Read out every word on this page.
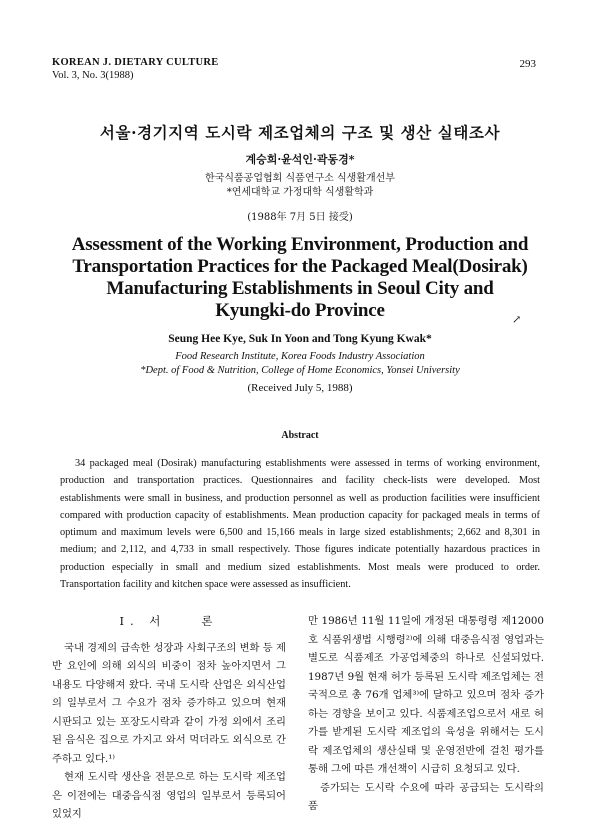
KOREAN J. DIETARY CULTURE
Vol. 3, No. 3(1988)
293
서울·경기지역 도시락 제조업체의 구조 및 생산 실태조사
계승희·윤석인·곽동경*
한국식품공업협회 식품연구소 식생활개선부
*연세대학교 가정대학 식생활학과
(1988年 7月 5日 接受)
Assessment of the Working Environment, Production and
Transportation Practices for the Packaged Meal(Dosirak)
Manufacturing Establishments in Seoul City and
Kyungki-do Province	↗
Seung Hee Kye, Suk In Yoon and Tong Kyung Kwak*
Food Research Institute, Korea Foods Industry Association
*Dept. of Food & Nutrition, College of Home Economics, Yonsei University
(Received July 5, 1988)
Abstract

34 packaged meal (Dosirak) manufacturing establishments were assessed in terms of working environment, production and transportation practices. Questionnaires and facility check-lists were developed. Most establishments were small in business, and production personnel as well as production facilities were insufficient compared with production capacity of establishments. Mean production capacity for packaged meals in terms of optimum and maximum levels were 6,500 and 15,166 meals in large sized establishments; 2,662 and 8,301 in medium; and 2,112, and 4,733 in small respectively. Those figures indicate potentially hazardous practices in production especially in small and medium sized establishments. Most meals were produced to order. Transportation facility and kitchen space were assessed as insufficient.

Ⅰ. 서　　론

국내 경제의 급속한 성장과 사회구조의 변화 등 제반 요인에 의해 외식의 비중이 점차 높아지면서 그 내용도 다양해져 왔다. 국내 도시락 산업은 외식산업의 일부로서 그 수요가 점차 증가하고 있으며 현재 시판되고 있는 포장도시락과 같이 가정 외에서 조리된 음식은 집으로 가지고 와서 먹더라도 외식으로 간주하고 있다.¹⁾

현재 도시락 생산을 전문으로 하는 도시락 제조업은 이전에는 대중음식점 영업의 일부로서 등록되어 있었지

만 1986년 11월 11일에 개정된 대통령령 제12000호 식품위생법 시행령²⁾에 의해 대중음식점 영업과는 별도로 식품제조 가공업체중의 하나로 신설되었다. 1987년 9월 현재 허가 등록된 도시락 제조업체는 전국적으로 총 76개 업체³⁾에 달하고 있으며 점차 증가하는 경향을 보이고 있다. 식품제조업으로서 새로 허가를 받게된 도시락 제조업의 육성을 위해서는 도시락 제조업체의 생산실태 및 운영전반에 걸친 평가를 통해 그에 따른 개선책이 시급히 요청되고 있다.

증가되는 도시락 수요에 따라 공급되는 도시락의 품
